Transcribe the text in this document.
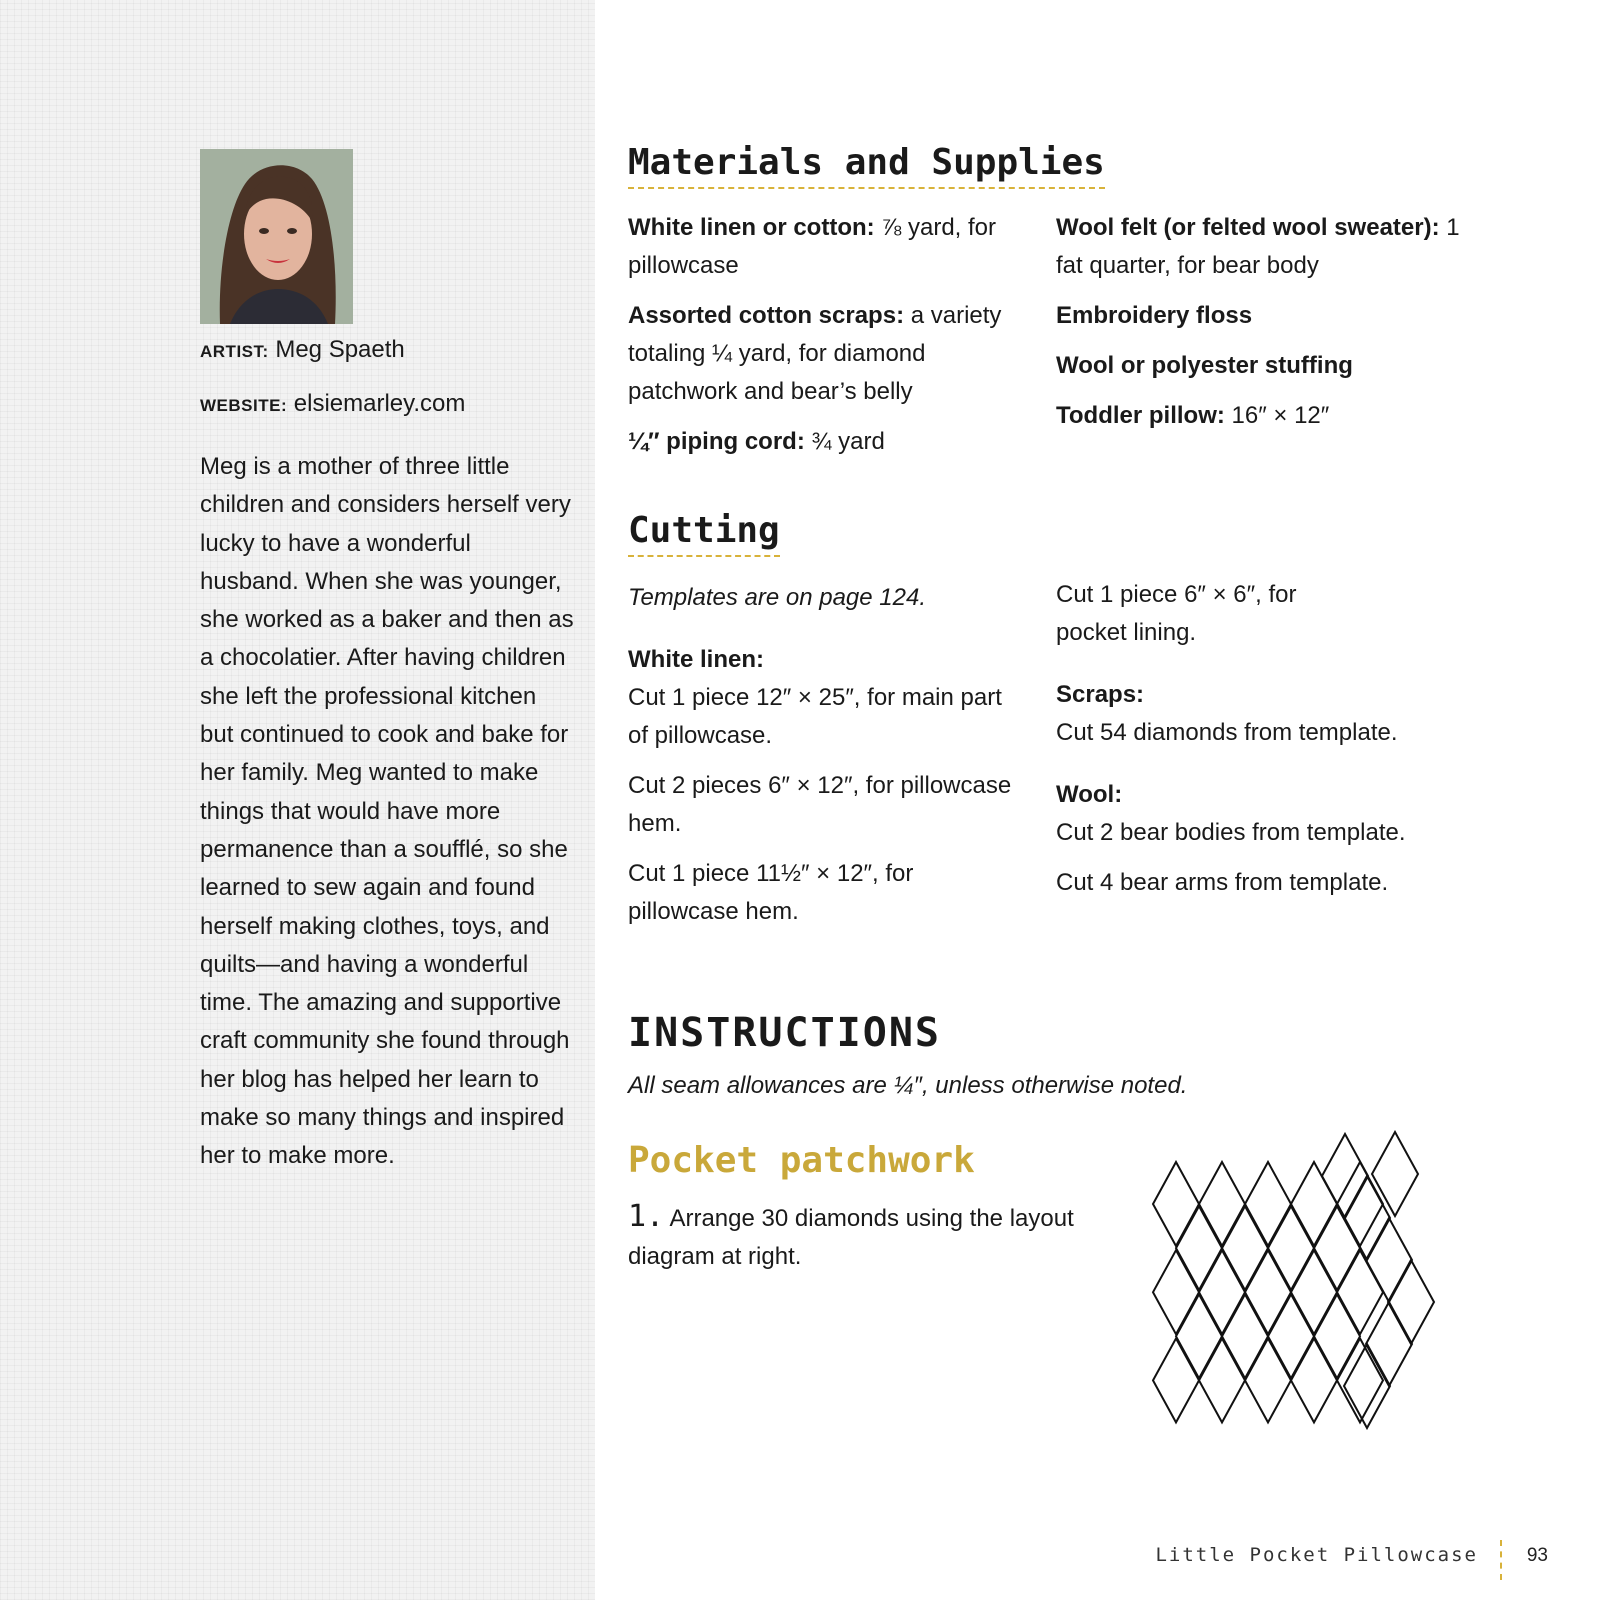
ARTIST: Meg Spaeth
WEBSITE: elsiemarley.com

Meg is a mother of three little children and considers herself very lucky to have a wonderful husband. When she was younger, she worked as a baker and then as a chocolatier. After having children she left the professional kitchen but continued to cook and bake for her family. Meg wanted to make things that would have more permanence than a soufflé, so she learned to sew again and found herself making clothes, toys, and quilts—and having a wonderful time. The amazing and supportive craft community she found through her blog has helped her learn to make so many things and inspired her to make more.

Materials and Supplies

White linen or cotton: ⅞ yard, for pillowcase

Assorted cotton scraps: a variety totaling ¼ yard, for diamond patchwork and bear’s belly

¼″ piping cord: ¾ yard

Wool felt (or felted wool sweater): 1 fat quarter, for bear body

Embroidery floss

Wool or polyester stuffing

Toddler pillow: 16″ × 12″

Cutting

Templates are on page 124.

White linen:

Cut 1 piece 12″ × 25″, for main part of pillowcase.

Cut 2 pieces 6″ × 12″, for pillowcase hem.

Cut 1 piece 11½″ × 12″, for pillowcase hem.

Cut 1 piece 6″ × 6″, for pocket lining.

Scraps:

Cut 54 diamonds from template.

Wool:

Cut 2 bear bodies from template.

Cut 4 bear arms from template.

INSTRUCTIONS

All seam allowances are ¼″, unless otherwise noted.

Pocket patchwork

1. Arrange 30 diamonds using the layout diagram at right.

Little Pocket Pillowcase	93
